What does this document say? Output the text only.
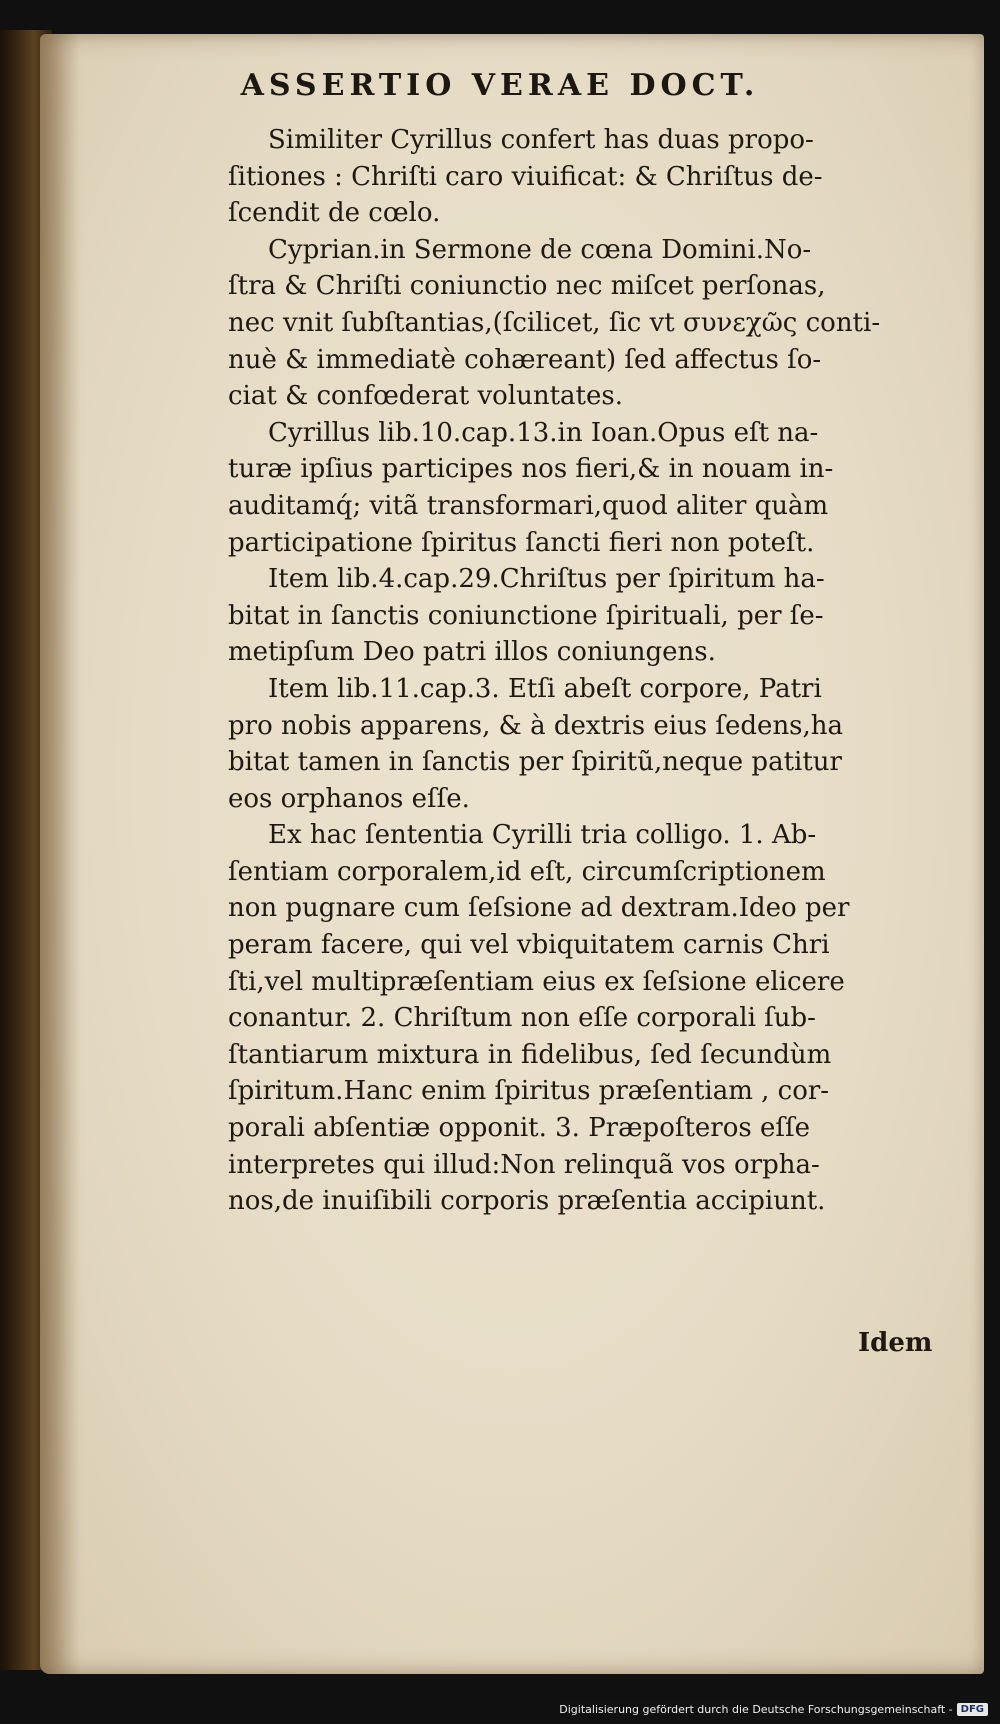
ASSERTIO VERAE DOCT.
Similiter Cyrillus confert has duas propo-
ſitiones : Chriſti caro viuificat: & Chriſtus de-
ſcendit de cœlo.
Cyprian.in Sermone de cœna Domini.No-
ſtra & Chriſti coniunctio nec miſcet perſonas,
nec vnit ſubſtantias,(ſcilicet, ſic vt συνεχῶς conti-
nuè & immediatè cohæreant) ſed affectus ſo-
ciat & confœderat voluntates.
Cyrillus lib.10.cap.13.in Ioan.Opus eſt na-
turæ ipſius participes nos fieri,& in nouam in-
auditamq́; vitã transformari,quod aliter quàm
participatione ſpiritus ſancti fieri non poteſt.
Item lib.4.cap.29.Chriſtus per ſpiritum ha-
bitat in ſanctis coniunctione ſpirituali, per ſe-
metipſum Deo patri illos coniungens.
Item lib.11.cap.3. Etſi abeſt corpore, Patri
pro nobis apparens, & à dextris eius ſedens,ha
bitat tamen in ſanctis per ſpiritũ,neque patitur
eos orphanos eſſe.
Ex hac ſententia Cyrilli tria colligo. 1. Ab-
ſentiam corporalem,id eſt, circumſcriptionem
non pugnare cum ſeſsione ad dextram.Ideo per
peram facere, qui vel vbiquitatem carnis Chri
ſti,vel multipræſentiam eius ex ſeſsione elicere
conantur. 2. Chriſtum non eſſe corporali ſub-
ſtantiarum mixtura in fidelibus, ſed ſecundùm
ſpiritum.Hanc enim ſpiritus præſentiam , cor-
porali abſentiæ opponit. 3. Præpoſteros eſſe
interpretes qui illud:Non relinquã vos orpha-
nos,de inuiſibili corporis præſentia accipiunt.
Idem
Digitalisierung gefördert durch die Deutsche Forschungsgemeinschaft - DFG
